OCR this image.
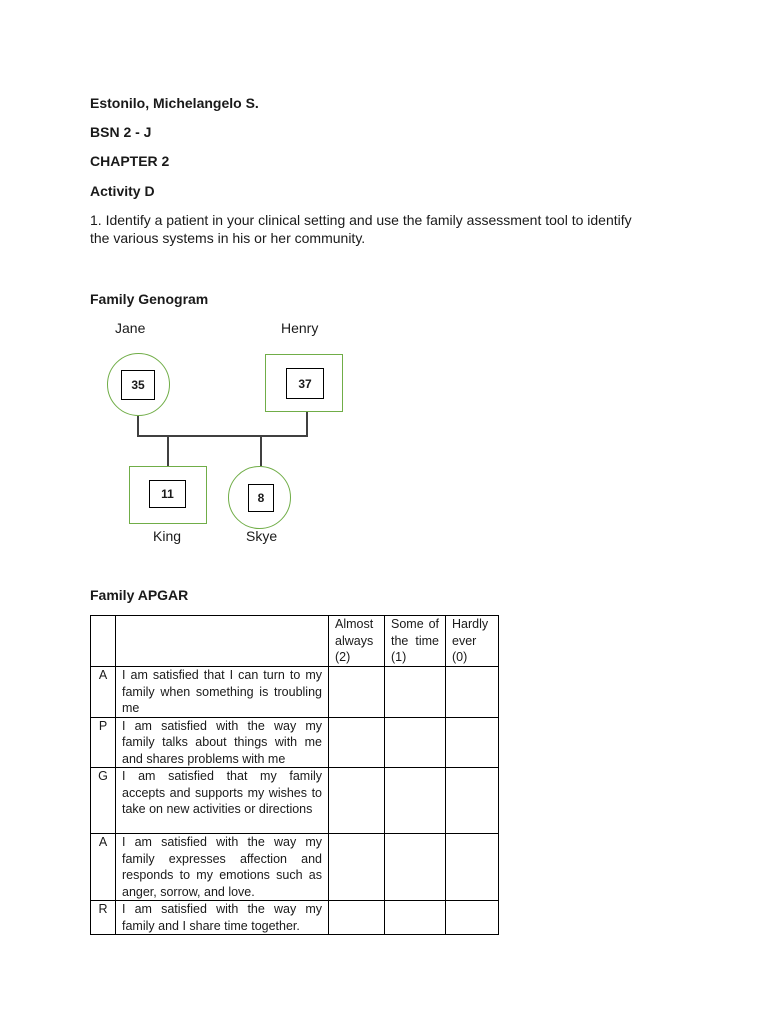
Estonilo, Michelangelo S.
BSN 2 - J
CHAPTER 2
Activity D
1. Identify a patient in your clinical setting and use the family assessment tool to identify
the various systems in his or her community.
Family Genogram
Jane	Henry
35	37
11	8
King	Skye
Family APGAR

		Almost always (2)	Some of the time (1)	Hardly ever (0)

A	I am satisfied that I can turn to my family when something is troubling me			
P	I am satisfied with the way my family talks about things with me and shares problems with me			
G	I am satisfied that my family accepts and supports my wishes to take on new activities or directions			
A	I am satisfied with the way my family expresses affection and responds to my emotions such as anger, sorrow, and love.			
R	I am satisfied with the way my family and I share time together.			
